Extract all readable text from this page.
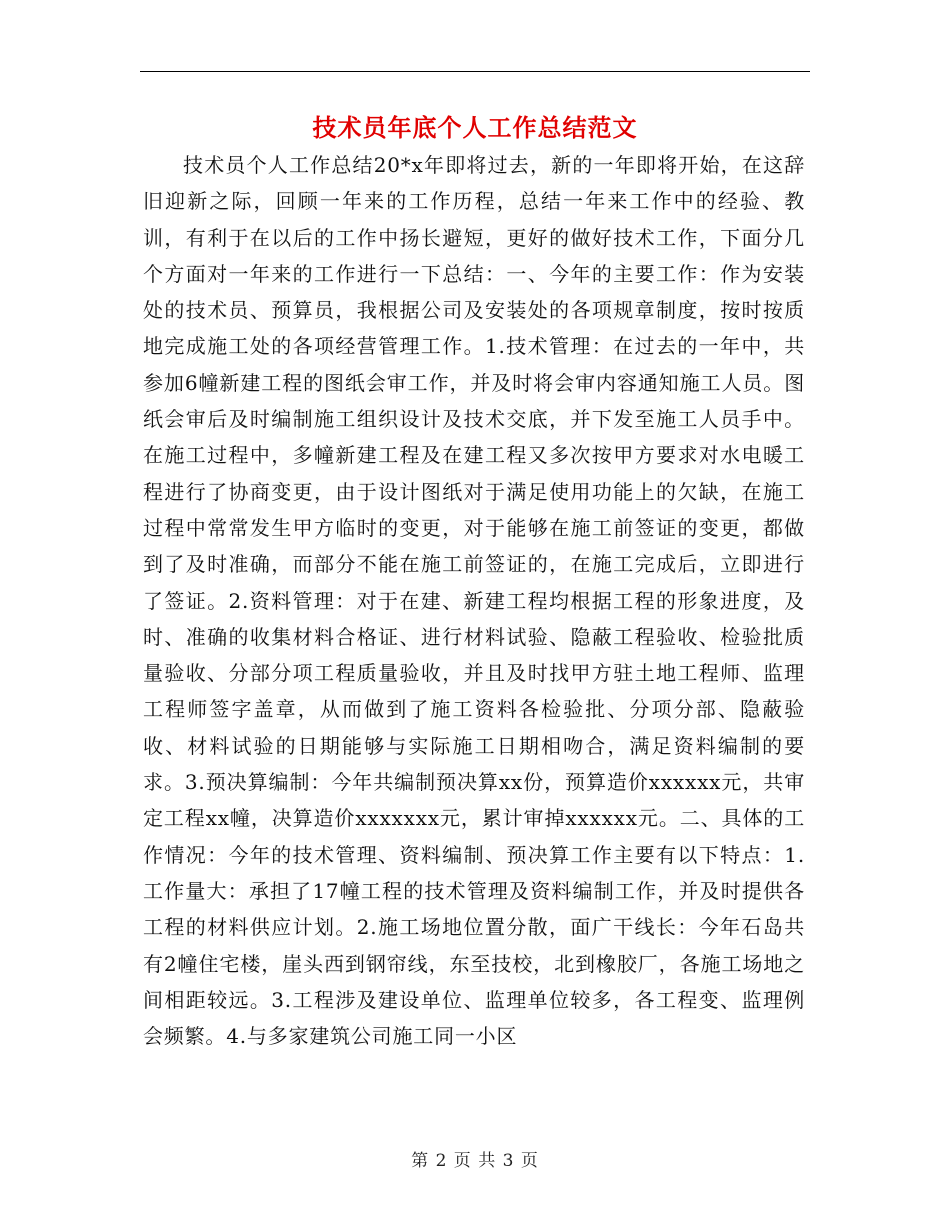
技术员年底个人工作总结范文

技术员个人工作总结20*x年即将过去，新的一年即将开始，在这辞旧迎新之际，回顾一年来的工作历程，总结一年来工作中的经验、教训，有利于在以后的工作中扬长避短，更好的做好技术工作，下面分几个方面对一年来的工作进行一下总结：一、今年的主要工作：作为安装处的技术员、预算员，我根据公司及安装处的各项规章制度，按时按质地完成施工处的各项经营管理工作。1.技术管理：在过去的一年中，共参加6幢新建工程的图纸会审工作，并及时将会审内容通知施工人员。图纸会审后及时编制施工组织设计及技术交底，并下发至施工人员手中。在施工过程中，多幢新建工程及在建工程又多次按甲方要求对水电暖工程进行了协商变更，由于设计图纸对于满足使用功能上的欠缺，在施工过程中常常发生甲方临时的变更，对于能够在施工前签证的变更，都做到了及时准确，而部分不能在施工前签证的，在施工完成后，立即进行了签证。2.资料管理：对于在建、新建工程均根据工程的形象进度，及时、准确的收集材料合格证、进行材料试验、隐蔽工程验收、检验批质量验收、分部分项工程质量验收，并且及时找甲方驻土地工程师、监理工程师签字盖章，从而做到了施工资料各检验批、分项分部、隐蔽验收、材料试验的日期能够与实际施工日期相吻合，满足资料编制的要求。3.预决算编制：今年共编制预决算xx份，预算造价xxxxxx元，共审定工程xx幢，决算造价xxxxxxx元，累计审掉xxxxxx元。二、具体的工作情况：今年的技术管理、资料编制、预决算工作主要有以下特点：1.工作量大：承担了17幢工程的技术管理及资料编制工作，并及时提供各工程的材料供应计划。2.施工场地位置分散，面广干线长：今年石岛共有2幢住宅楼，崖头西到钢帘线，东至技校，北到橡胶厂，各施工场地之间相距较远。3.工程涉及建设单位、监理单位较多，各工程变、监理例会频繁。4.与多家建筑公司施工同一小区

第 2 页 共 3 页
